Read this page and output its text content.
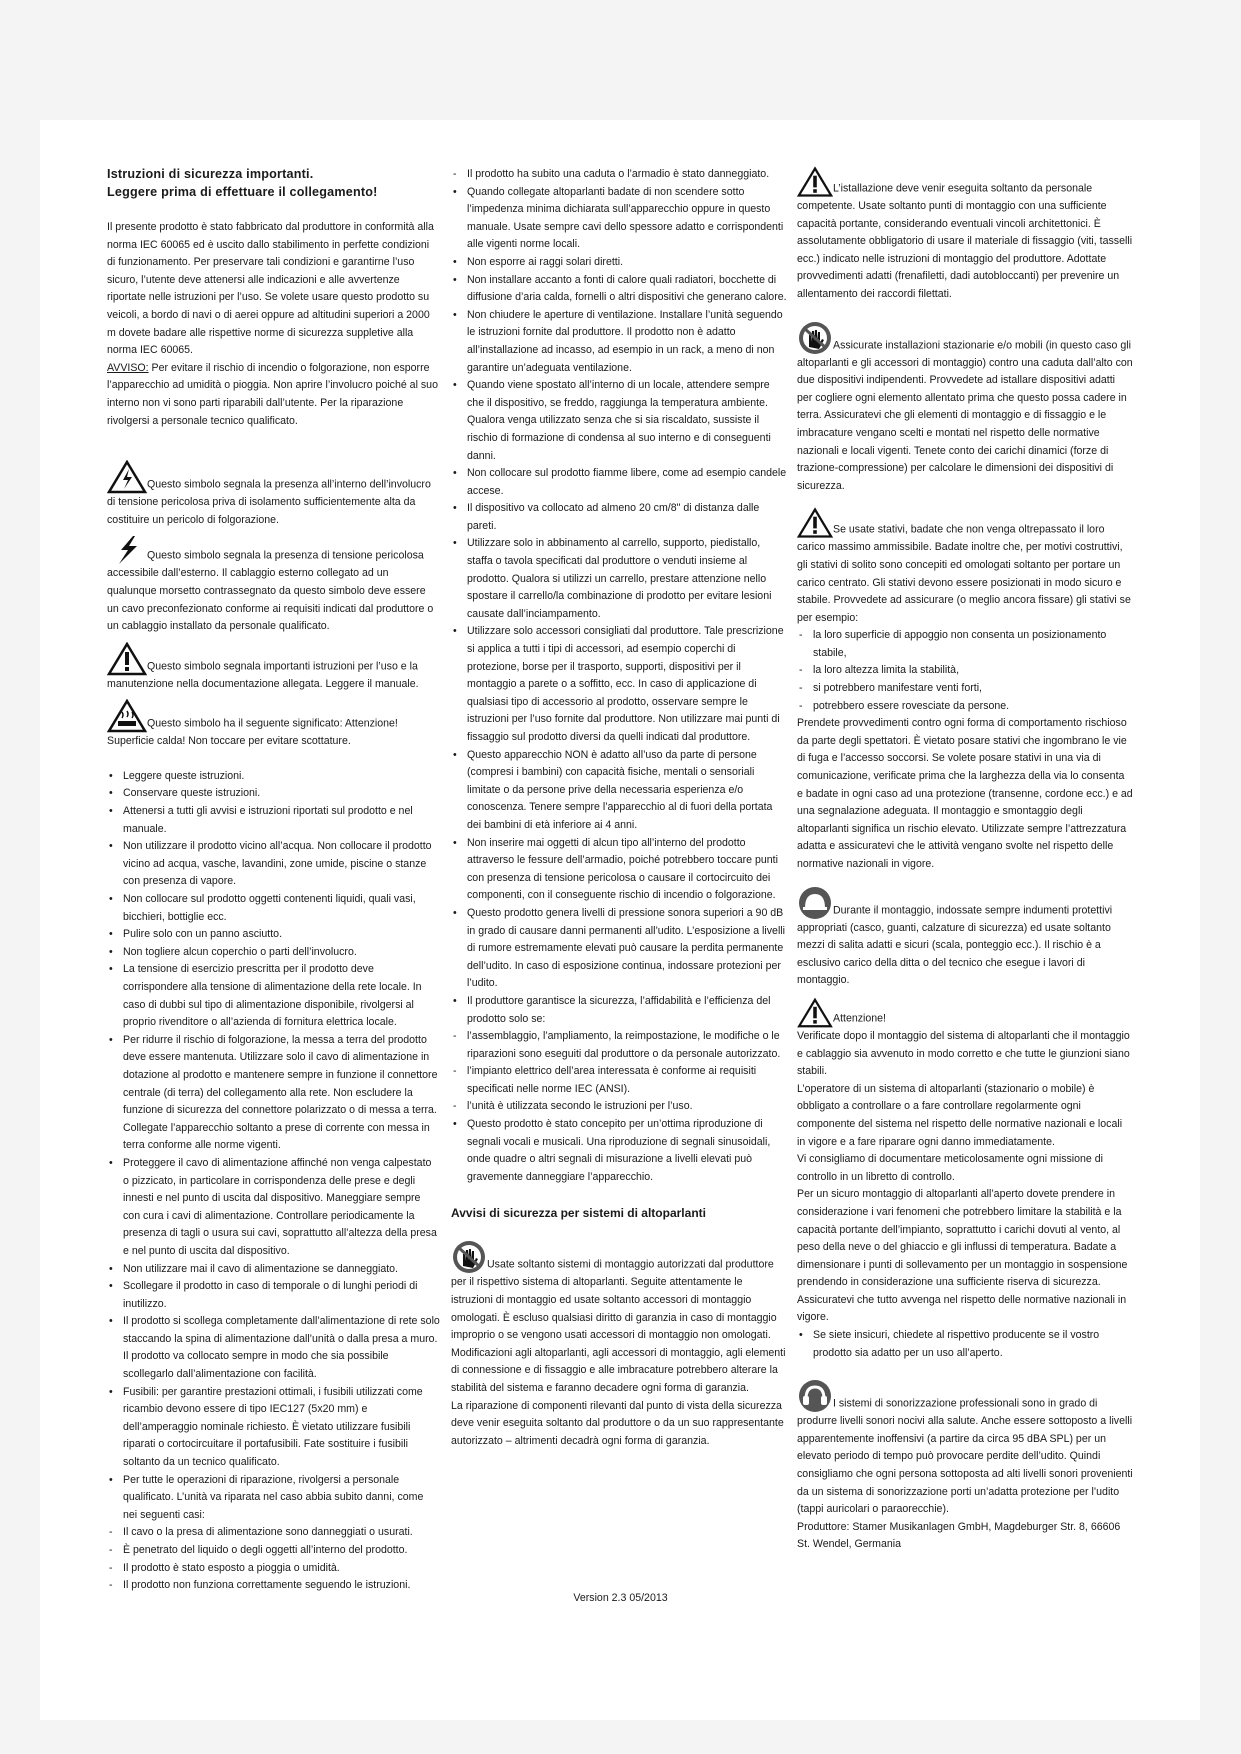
Istruzioni di sicurezza importanti.

Leggere prima di effettuare il collegamento!

Il presente prodotto è stato fabbricato dal produttore in conformità alla norma IEC 60065 ed è uscito dallo stabilimento in perfette condizioni di funzionamento. Per preservare tali condizioni e garantirne l’uso sicuro, l’utente deve attenersi alle indicazioni e alle avvertenze riportate nelle istruzioni per l’uso. Se volete usare questo prodotto su veicoli, a bordo di navi o di aerei oppure ad altitudini superiori a 2000 m dovete badare alle rispettive norme di sicurezza suppletive alla norma IEC 60065.

AVVISO: Per evitare il rischio di incendio o folgorazione, non esporre l’apparecchio ad umidità o pioggia. Non aprire l’involucro poiché al suo interno non vi sono parti riparabili dall’utente. Per la riparazione rivolgersi a personale tecnico qualificato.

Questo simbolo segnala la presenza all’interno dell’involucro di tensione pericolosa priva di isolamento sufficientemente alta da costituire un pericolo di folgorazione.

Questo simbolo segnala la presenza di tensione pericolosa accessibile dall’esterno. Il cablaggio esterno collegato ad un qualunque morsetto contrassegnato da questo simbolo deve essere un cavo preconfezionato conforme ai requisiti indicati dal produttore o un cablaggio installato da personale qualificato.

Questo simbolo segnala importanti istruzioni per l’uso e la manutenzione nella documentazione allegata. Leggere il manuale.

Questo simbolo ha il seguente significato: Attenzione! Superficie calda! Non toccare per evitare scottature.

• Leggere queste istruzioni.
• Conservare queste istruzioni.
• Attenersi a tutti gli avvisi e istruzioni riportati sul prodotto e nel manuale.
• Non utilizzare il prodotto vicino all’acqua. Non collocare il prodotto vicino ad acqua, vasche, lavandini, zone umide, piscine o stanze con presenza di vapore.
• Non collocare sul prodotto oggetti contenenti liquidi, quali vasi, bicchieri, bottiglie ecc.
• Pulire solo con un panno asciutto.
• Non togliere alcun coperchio o parti dell’involucro.
• La tensione di esercizio prescritta per il prodotto deve corrispondere alla tensione di alimentazione della rete locale. In caso di dubbi sul tipo di alimentazione disponibile, rivolgersi al proprio rivenditore o all’azienda di fornitura elettrica locale.
• Per ridurre il rischio di folgorazione, la messa a terra del prodotto deve essere mantenuta. Utilizzare solo il cavo di alimentazione in dotazione al prodotto e mantenere sempre in funzione il connettore centrale (di terra) del collegamento alla rete. Non escludere la funzione di sicurezza del connettore polarizzato o di messa a terra. Collegate l’apparecchio soltanto a prese di corrente con messa in terra conforme alle norme vigenti.
• Proteggere il cavo di alimentazione affinché non venga calpestato o pizzicato, in particolare in corrispondenza delle prese e degli innesti e nel punto di uscita dal dispositivo. Maneggiare sempre con cura i cavi di alimentazione. Controllare periodicamente la presenza di tagli o usura sui cavi, soprattutto all’altezza della presa e nel punto di uscita dal dispositivo.
• Non utilizzare mai il cavo di alimentazione se danneggiato.
• Scollegare il prodotto in caso di temporale o di lunghi periodi di inutilizzo.
• Il prodotto si scollega completamente dall’alimentazione di rete solo staccando la spina di alimentazione dall’unità o dalla presa a muro. Il prodotto va collocato sempre in modo che sia possibile scollegarlo dall’alimentazione con facilità.
• Fusibili: per garantire prestazioni ottimali, i fusibili utilizzati come ricambio devono essere di tipo IEC127 (5x20 mm) e dell’amperaggio nominale richiesto. È vietato utilizzare fusibili riparati o cortocircuitare il portafusibili. Fate sostituire i fusibili soltanto da un tecnico qualificato.
• Per tutte le operazioni di riparazione, rivolgersi a personale qualificato. L’unità va riparata nel caso abbia subito danni, come nei seguenti casi:
- Il cavo o la presa di alimentazione sono danneggiati o usurati.
- È penetrato del liquido o degli oggetti all’interno del prodotto.
- Il prodotto è stato esposto a pioggia o umidità.
- Il prodotto non funziona correttamente seguendo le istruzioni.
- Il prodotto ha subito una caduta o l’armadio è stato danneggiato.
• Quando collegate altoparlanti badate di non scendere sotto l’impedenza minima dichiarata sull’apparecchio oppure in questo manuale. Usate sempre cavi dello spessore adatto e corrispondenti alle vigenti norme locali.
• Non esporre ai raggi solari diretti.
• Non installare accanto a fonti di calore quali radiatori, bocchette di diffusione d’aria calda, fornelli o altri dispositivi che generano calore.
• Non chiudere le aperture di ventilazione. Installare l’unità seguendo le istruzioni fornite dal produttore. Il prodotto non è adatto all’installazione ad incasso, ad esempio in un rack, a meno di non garantire un’adeguata ventilazione.
• Quando viene spostato all’interno di un locale, attendere sempre che il dispositivo, se freddo, raggiunga la temperatura ambiente. Qualora venga utilizzato senza che si sia riscaldato, sussiste il rischio di formazione di condensa al suo interno e di conseguenti danni.
• Non collocare sul prodotto fiamme libere, come ad esempio candele accese.
• Il dispositivo va collocato ad almeno 20 cm/8" di distanza dalle pareti.
• Utilizzare solo in abbinamento al carrello, supporto, piedistallo, staffa o tavola specificati dal produttore o venduti insieme al prodotto. Qualora si utilizzi un carrello, prestare attenzione nello spostare il carrello/la combinazione di prodotto per evitare lesioni causate dall’inciampamento.
• Utilizzare solo accessori consigliati dal produttore. Tale prescrizione si applica a tutti i tipi di accessori, ad esempio coperchi di protezione, borse per il trasporto, supporti, dispositivi per il montaggio a parete o a soffitto, ecc. In caso di applicazione di qualsiasi tipo di accessorio al prodotto, osservare sempre le istruzioni per l’uso fornite dal produttore. Non utilizzare mai punti di fissaggio sul prodotto diversi da quelli indicati dal produttore.
• Questo apparecchio NON è adatto all’uso da parte di persone (compresi i bambini) con capacità fisiche, mentali o sensoriali limitate o da persone prive della necessaria esperienza e/o conoscenza. Tenere sempre l’apparecchio al di fuori della portata dei bambini di età inferiore ai 4 anni.
• Non inserire mai oggetti di alcun tipo all’interno del prodotto attraverso le fessure dell’armadio, poiché potrebbero toccare punti con presenza di tensione pericolosa o causare il cortocircuito dei componenti, con il conseguente rischio di incendio o folgorazione.
• Questo prodotto genera livelli di pressione sonora superiori a 90 dB in grado di causare danni permanenti all’udito. L’esposizione a livelli di rumore estremamente elevati può causare la perdita permanente dell’udito. In caso di esposizione continua, indossare protezioni per l’udito.
• Il produttore garantisce la sicurezza, l’affidabilità e l’efficienza del prodotto solo se:
- l’assemblaggio, l’ampliamento, la reimpostazione, le modifiche o le riparazioni sono eseguiti dal produttore o da personale autorizzato.
- l’impianto elettrico dell’area interessata è conforme ai requisiti specificati nelle norme IEC (ANSI).
- l’unità è utilizzata secondo le istruzioni per l’uso.
• Questo prodotto è stato concepito per un’ottima riproduzione di segnali vocali e musicali. Una riproduzione di segnali sinusoidali, onde quadre o altri segnali di misurazione a livelli elevati può gravemente danneggiare l’apparecchio.

Avvisi di sicurezza per sistemi di altoparlanti

Usate soltanto sistemi di montaggio autorizzati dal produttore per il rispettivo sistema di altoparlanti. Seguite attentamente le istruzioni di montaggio ed usate soltanto accessori di montaggio omologati. È escluso qualsiasi diritto di garanzia in caso di montaggio improprio o se vengono usati accessori di montaggio non omologati.

Modificazioni agli altoparlanti, agli accessori di montaggio, agli elementi di connessione e di fissaggio e alle imbracature potrebbero alterare la stabilità del sistema e faranno decadere ogni forma di garanzia.

La riparazione di componenti rilevanti dal punto di vista della sicurezza deve venir eseguita soltanto dal produttore o da un suo rappresentante autorizzato – altrimenti decadrà ogni forma di garanzia.

L’istallazione deve venir eseguita soltanto da personale competente. Usate soltanto punti di montaggio con una sufficiente capacità portante, considerando eventuali vincoli architettonici. È assolutamente obbligatorio di usare il materiale di fissaggio (viti, tasselli ecc.) indicato nelle istruzioni di montaggio del produttore. Adottate provvedimenti adatti (frenafiletti, dadi autobloccanti) per prevenire un allentamento dei raccordi filettati.

Assicurate installazioni stazionarie e/o mobili (in questo caso gli altoparlanti e gli accessori di montaggio) contro una caduta dall’alto con due dispositivi indipendenti. Provvedete ad istallare dispositivi adatti per cogliere ogni elemento allentato prima che questo possa cadere in terra. Assicuratevi che gli elementi di montaggio e di fissaggio e le imbracature vengano scelti e montati nel rispetto delle normative nazionali e locali vigenti. Tenete conto dei carichi dinamici (forze di trazione-compressione) per calcolare le dimensioni dei dispositivi di sicurezza.

Se usate stativi, badate che non venga oltrepassato il loro carico massimo ammissibile. Badate inoltre che, per motivi costruttivi, gli stativi di solito sono concepiti ed omologati soltanto per portare un carico centrato. Gli stativi devono essere posizionati in modo sicuro e stabile. Provvedete ad assicurare (o meglio ancora fissare) gli stativi se per esempio:

- la loro superficie di appoggio non consenta un posizionamento stabile,
- la loro altezza limita la stabilità,
- si potrebbero manifestare venti forti,
- potrebbero essere rovesciate da persone.

Prendete provvedimenti contro ogni forma di comportamento rischioso da parte degli spettatori. È vietato posare stativi che ingombrano le vie di fuga e l’accesso soccorsi. Se volete posare stativi in una via di comunicazione, verificate prima che la larghezza della via lo consenta e badate in ogni caso ad una protezione (transenne, cordone ecc.) e ad una segnalazione adeguata. Il montaggio e smontaggio degli altoparlanti significa un rischio elevato. Utilizzate sempre l’attrezzatura adatta e assicuratevi che le attività vengano svolte nel rispetto delle normative nazionali in vigore.

Durante il montaggio, indossate sempre indumenti protettivi appropriati (casco, guanti, calzature di sicurezza) ed usate soltanto mezzi di salita adatti e sicuri (scala, ponteggio ecc.). Il rischio è a esclusivo carico della ditta o del tecnico che esegue i lavori di montaggio.

Attenzione!

Verificate dopo il montaggio del sistema di altoparlanti che il montaggio e cablaggio sia avvenuto in modo corretto e che tutte le giunzioni siano stabili.

L’operatore di un sistema di altoparlanti (stazionario o mobile) è obbligato a controllare o a fare controllare regolarmente ogni componente del sistema nel rispetto delle normative nazionali e locali in vigore e a fare riparare ogni danno immediatamente.

Vi consigliamo di documentare meticolosamente ogni missione di controllo in un libretto di controllo.

Per un sicuro montaggio di altoparlanti all’aperto dovete prendere in considerazione i vari fenomeni che potrebbero limitare la stabilità e la capacità portante dell’impianto, soprattutto i carichi dovuti al vento, al peso della neve o del ghiaccio e gli influssi di temperatura. Badate a dimensionare i punti di sollevamento per un montaggio in sospensione prendendo in considerazione una sufficiente riserva di sicurezza. Assicuratevi che tutto avvenga nel rispetto delle normative nazionali in vigore.

• Se siete insicuri, chiedete al rispettivo producente se il vostro prodotto sia adatto per un uso all’aperto.

I sistemi di sonorizzazione professionali sono in grado di produrre livelli sonori nocivi alla salute. Anche essere sottoposto a livelli apparentemente inoffensivi (a partire da circa 95 dBA SPL) per un elevato periodo di tempo può provocare perdite dell’udito. Quindi consigliamo che ogni persona sottoposta ad alti livelli sonori provenienti da un sistema di sonorizzazione porti un’adatta protezione per l’udito (tappi auricolari o paraorecchie).

Produttore: Stamer Musikanlagen GmbH, Magdeburger Str. 8, 66606 St. Wendel, Germania

Version 2.3 05/2013
